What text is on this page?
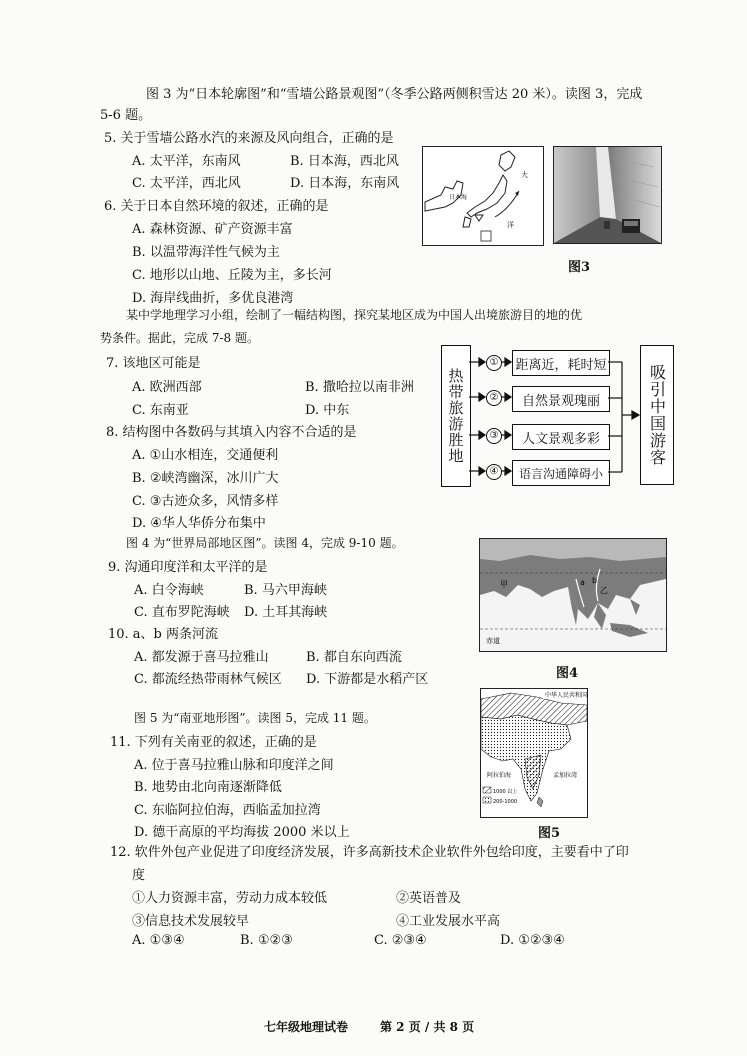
图 3 为“日本轮廓图”和“雪墙公路景观图”（冬季公路两侧积雪达 20 米）。读图 3，完成
5-6 题。
5. 关于雪墙公路水汽的来源及风向组合，正确的是
A. 太平洋，东南风	B. 日本海，西北风
C. 太平洋，西北风	D. 日本海，东南风
6. 关于日本自然环境的叙述，正确的是
A. 森林资源、矿产资源丰富
B. 以温带海洋性气候为主
C. 地形以山地、丘陵为主，多长河
D. 海岸线曲折，多优良港湾
日本海
大
洋
图3
某中学地理学习小组，绘制了一幅结构图，探究某地区成为中国人出境旅游目的地的优
势条件。据此，完成 7-8 题。
7. 该地区可能是
A. 欧洲西部	B. 撒哈拉以南非洲
C. 东南亚	D. 中东
8. 结构图中各数码与其填入内容不合适的是
A. ①山水相连，交通便利
B. ②峡湾幽深，冰川广大
C. ③古迹众多，风情多样
D. ④华人华侨分布集中
热带旅游胜地
①
②
③
④
距离近，耗时短
自然景观瑰丽
人文景观多彩
语言沟通障碍小
吸引中国游客
图 4 为“世界局部地区图”。读图 4，完成 9-10 题。
9. 沟通印度洋和太平洋的是
A. 白令海峡	B. 马六甲海峡
C. 直布罗陀海峡 D. 土耳其海峡
10. a、b 两条河流
A. 都发源于喜马拉雅山	B. 都自东向西流
C. 都流经热带雨林气候区 D. 下游都是水稻产区
甲
乙
a b
赤道
图4
图 5 为“南亚地形图”。读图 5，完成 11 题。
11. 下列有关南亚的叙述，正确的是
A. 位于喜马拉雅山脉和印度洋之间
B. 地势由北向南逐渐降低
C. 东临阿拉伯海，西临孟加拉湾
D. 德干高原的平均海拔 2000 米以上
中华人民共和国
阿拉伯海	孟加拉湾
1000 以上
200-1000
图5
12. 软件外包产业促进了印度经济发展，许多高新技术企业软件外包给印度，主要看中了印
度
①人力资源丰富，劳动力成本较低	②英语普及
③信息技术发展较早	④工业发展水平高
A. ①③④	B. ①②③	C. ②③④	D. ①②③④
七年级地理试卷	第 2 页 / 共 8 页
